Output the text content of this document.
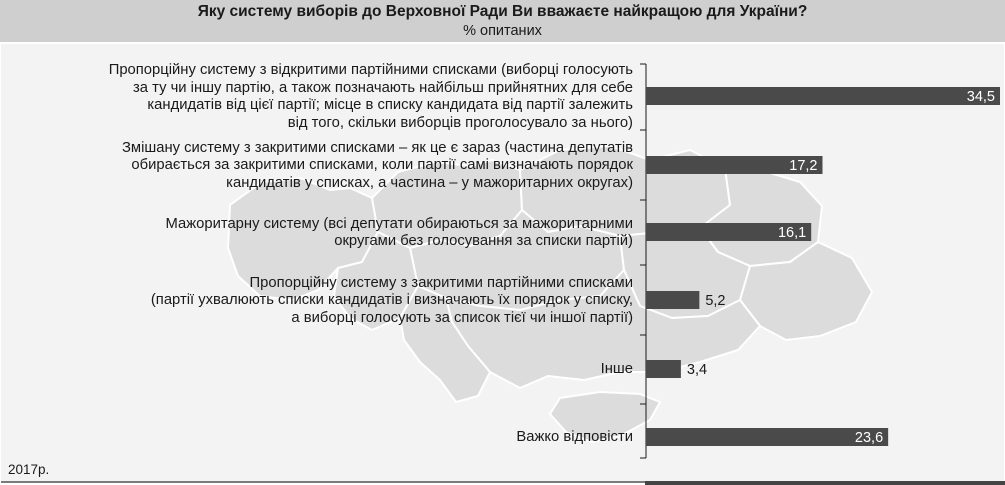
Яку систему виборів до Верховної Ради Ви вважаєте найкращою для України?
% опитаних
34,5
17,2
16,1
5,2
3,4
23,6
Пропорційну систему з відкритими партійними списками (виборці голосують
за ту чи іншу партію, а також позначають найбільш прийнятних для себе
кандидатів від цієї партії; місце в списку кандидата від партії залежить
від того, скільки виборців проголосувало за нього)
Змішану систему з закритими списками – як це є зараз (частина депутатів
обирається за закритими списками, коли партії самі визначають порядок
кандидатів у списках, а частина – у мажоритарних округах)
Мажоритарну систему (всі депутати обираються за мажоритарними
округами без голосування за списки партій)
Пропорційну систему з закритими партійними списками
(партії ухвалюють списки кандидатів і визначають їх порядок у списку,
а виборці голосують за список тієї чи іншої партії)
Інше
Важко відповісти
2017р.
